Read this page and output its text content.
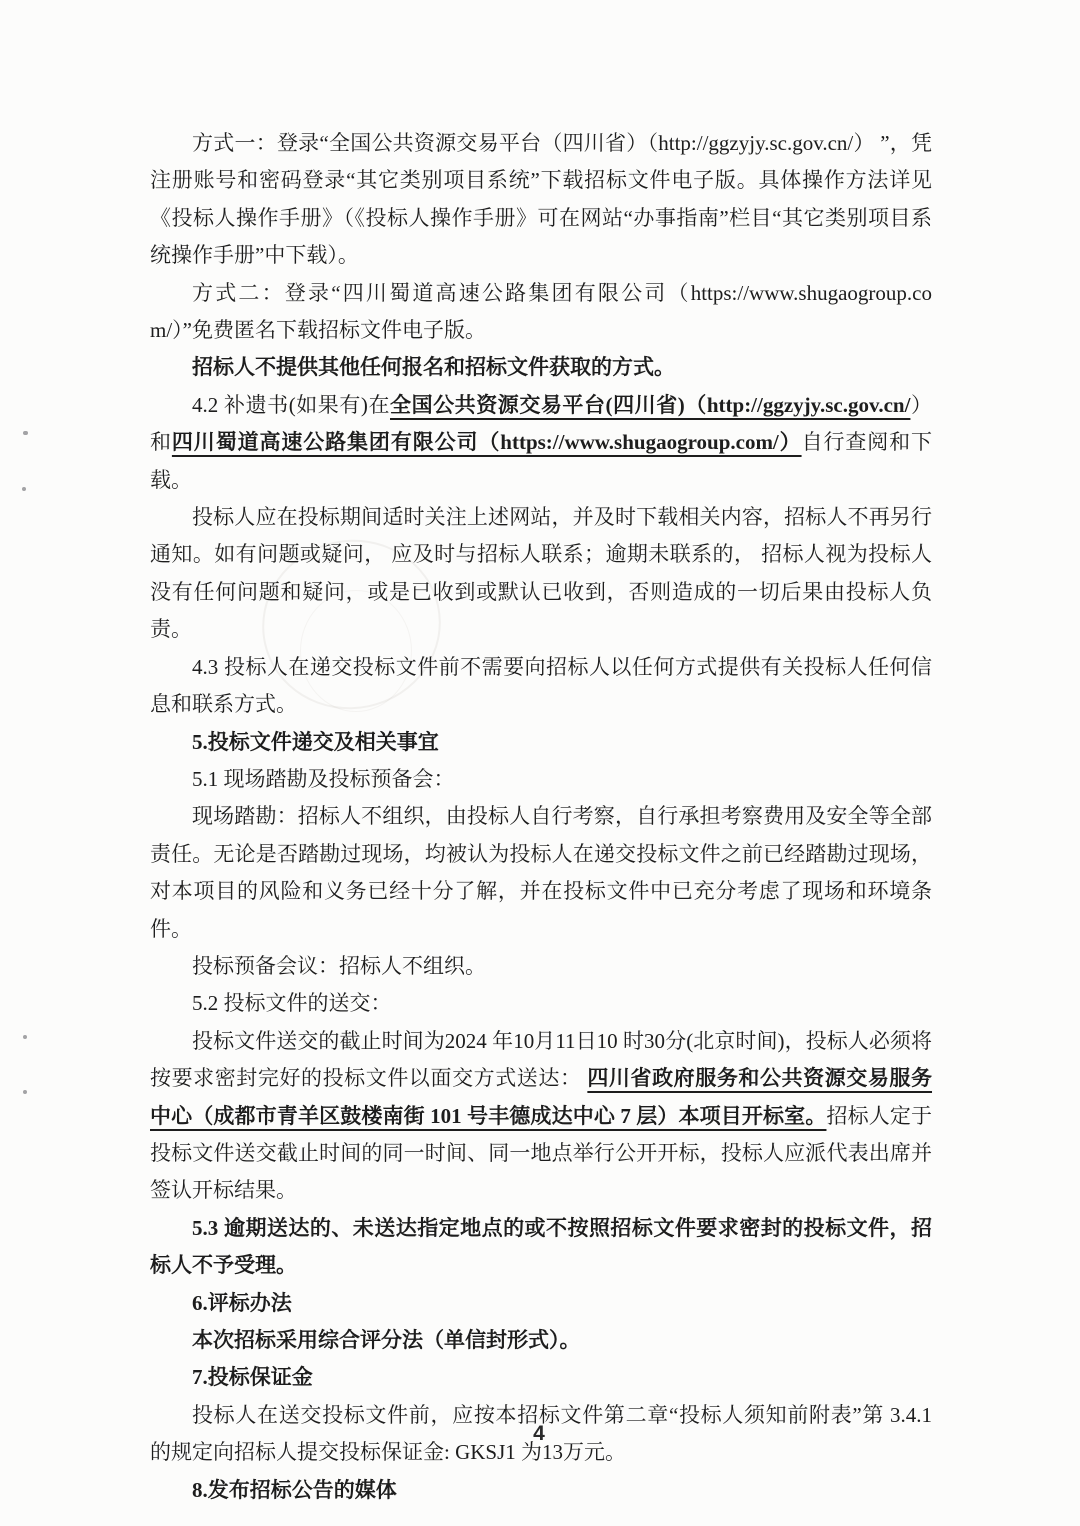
方式一：登录“全国公共资源交易平台（四川省）（http://ggzyjy.sc.gov.cn/） ”，凭注册账号和密码登录“其它类别项目系统”下载招标文件电子版。具体操作方法详见《投标人操作手册》（《投标人操作手册》可在网站“办事指南”栏目“其它类别项目系统操作手册”中下载）。

方式二：登录“四川蜀道高速公路集团有限公司（https://www.shugaogroup.com/）”免费匿名下载招标文件电子版。

招标人不提供其他任何报名和招标文件获取的方式。

4.2 补遗书(如果有)在全国公共资源交易平台(四川省)（http://ggzyjy.sc.gov.cn/）和四川蜀道高速公路集团有限公司（https://www.shugaogroup.com/）自行查阅和下载。

投标人应在投标期间适时关注上述网站，并及时下载相关内容，招标人不再另行通知。如有问题或疑问， 应及时与招标人联系；逾期未联系的， 招标人视为投标人没有任何问题和疑问，或是已收到或默认已收到，否则造成的一切后果由投标人负责。

4.3 投标人在递交投标文件前不需要向招标人以任何方式提供有关投标人任何信息和联系方式。

5.投标文件递交及相关事宜

5.1 现场踏勘及投标预备会：

现场踏勘：招标人不组织，由投标人自行考察，自行承担考察费用及安全等全部责任。无论是否踏勘过现场，均被认为投标人在递交投标文件之前已经踏勘过现场，对本项目的风险和义务已经十分了解，并在投标文件中已充分考虑了现场和环境条件。

投标预备会议：招标人不组织。

5.2 投标文件的送交：

投标文件送交的截止时间为2024 年10月11日10 时30分(北京时间)，投标人必须将按要求密封完好的投标文件以面交方式送达： 四川省政府服务和公共资源交易服务中心（成都市青羊区鼓楼南街 101 号丰德成达中心 7 层）本项目开标室。招标人定于投标文件送交截止时间的同一时间、同一地点举行公开开标，投标人应派代表出席并签认开标结果。

5.3 逾期送达的、未送达指定地点的或不按照招标文件要求密封的投标文件，招标人不予受理。

6.评标办法

本次招标采用综合评分法（单信封形式）。

7.投标保证金

投标人在送交投标文件前，应按本招标文件第二章“投标人须知前附表”第 3.4.1 的规定向招标人提交投标保证金: GKSJ1 为13万元。

8.发布招标公告的媒体

4
